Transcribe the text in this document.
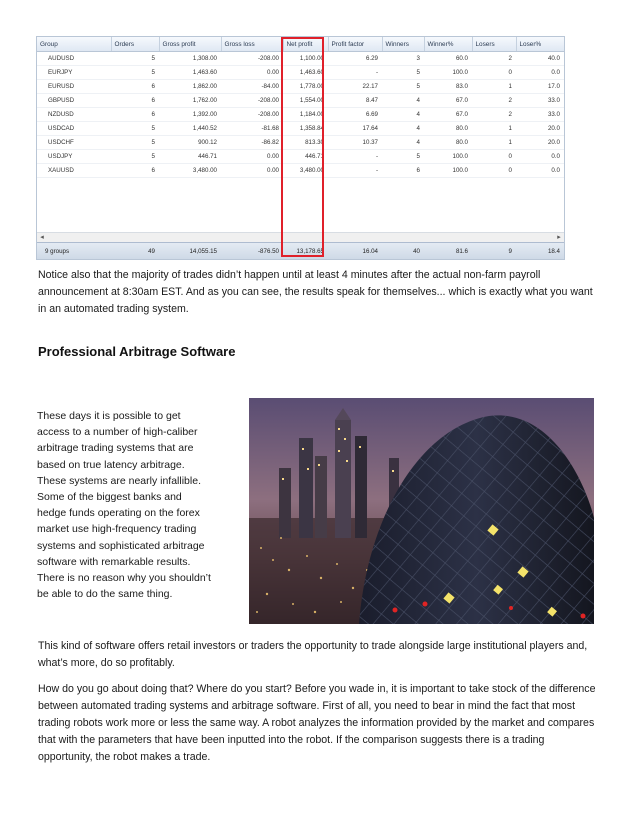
Group	Orders	Gross profit	Gross loss	Net profit	Profit factor	Winners	Winner%	Losers	Loser%
AUDUSD	5	1,308.00	-208.00	1,100.00	6.29	3	60.0	2	40.0
EURJPY	5	1,463.60	0.00	1,463.60	-	5	100.0	0	0.0
EURUSD	6	1,862.00	-84.00	1,778.00	22.17	5	83.0	1	17.0
GBPUSD	6	1,762.00	-208.00	1,554.00	8.47	4	67.0	2	33.0
NZDUSD	6	1,392.00	-208.00	1,184.00	6.69	4	67.0	2	33.0
USDCAD	5	1,440.52	-81.68	1,358.84	17.64	4	80.0	1	20.0
USDCHF	5	900.12	-86.82	813.30	10.37	4	80.0	1	20.0
USDJPY	5	446.71	0.00	446.71	-	5	100.0	0	0.0
XAUUSD	6	3,480.00	0.00	3,480.00	-	6	100.0	0	0.0
◂	▸
9 groups	49	14,055.15	-876.50	13,178.65	16.04	40	81.6	9	18.4

Notice also that the majority of trades didn’t happen until at least 4 minutes after the actual non-farm payroll announcement at 8:30am EST. And as you can see, the results speak for themselves... which is exactly what you want in an automated trading system.

Professional Arbitrage Software

These days it is possible to get access to a number of high-caliber arbitrage trading systems that are based on true latency arbitrage. These systems are nearly infallible. Some of the biggest banks and hedge funds operating on the forex market use high-frequency trading systems and sophisticated arbitrage software with remarkable results. There is no reason why you shouldn’t be able to do the same thing.

This kind of software offers retail investors or traders the opportunity to trade alongside large institutional players and, what’s more, do so profitably.

How do you go about doing that? Where do you start? Before you wade in, it is important to take stock of the difference between automated trading systems and arbitrage software. First of all, you need to bear in mind the fact that most trading robots work more or less the same way. A robot analyzes the information provided by the market and compares that with the parameters that have been inputted into the robot. If the comparison suggests there is a trading opportunity, the robot makes a trade.
